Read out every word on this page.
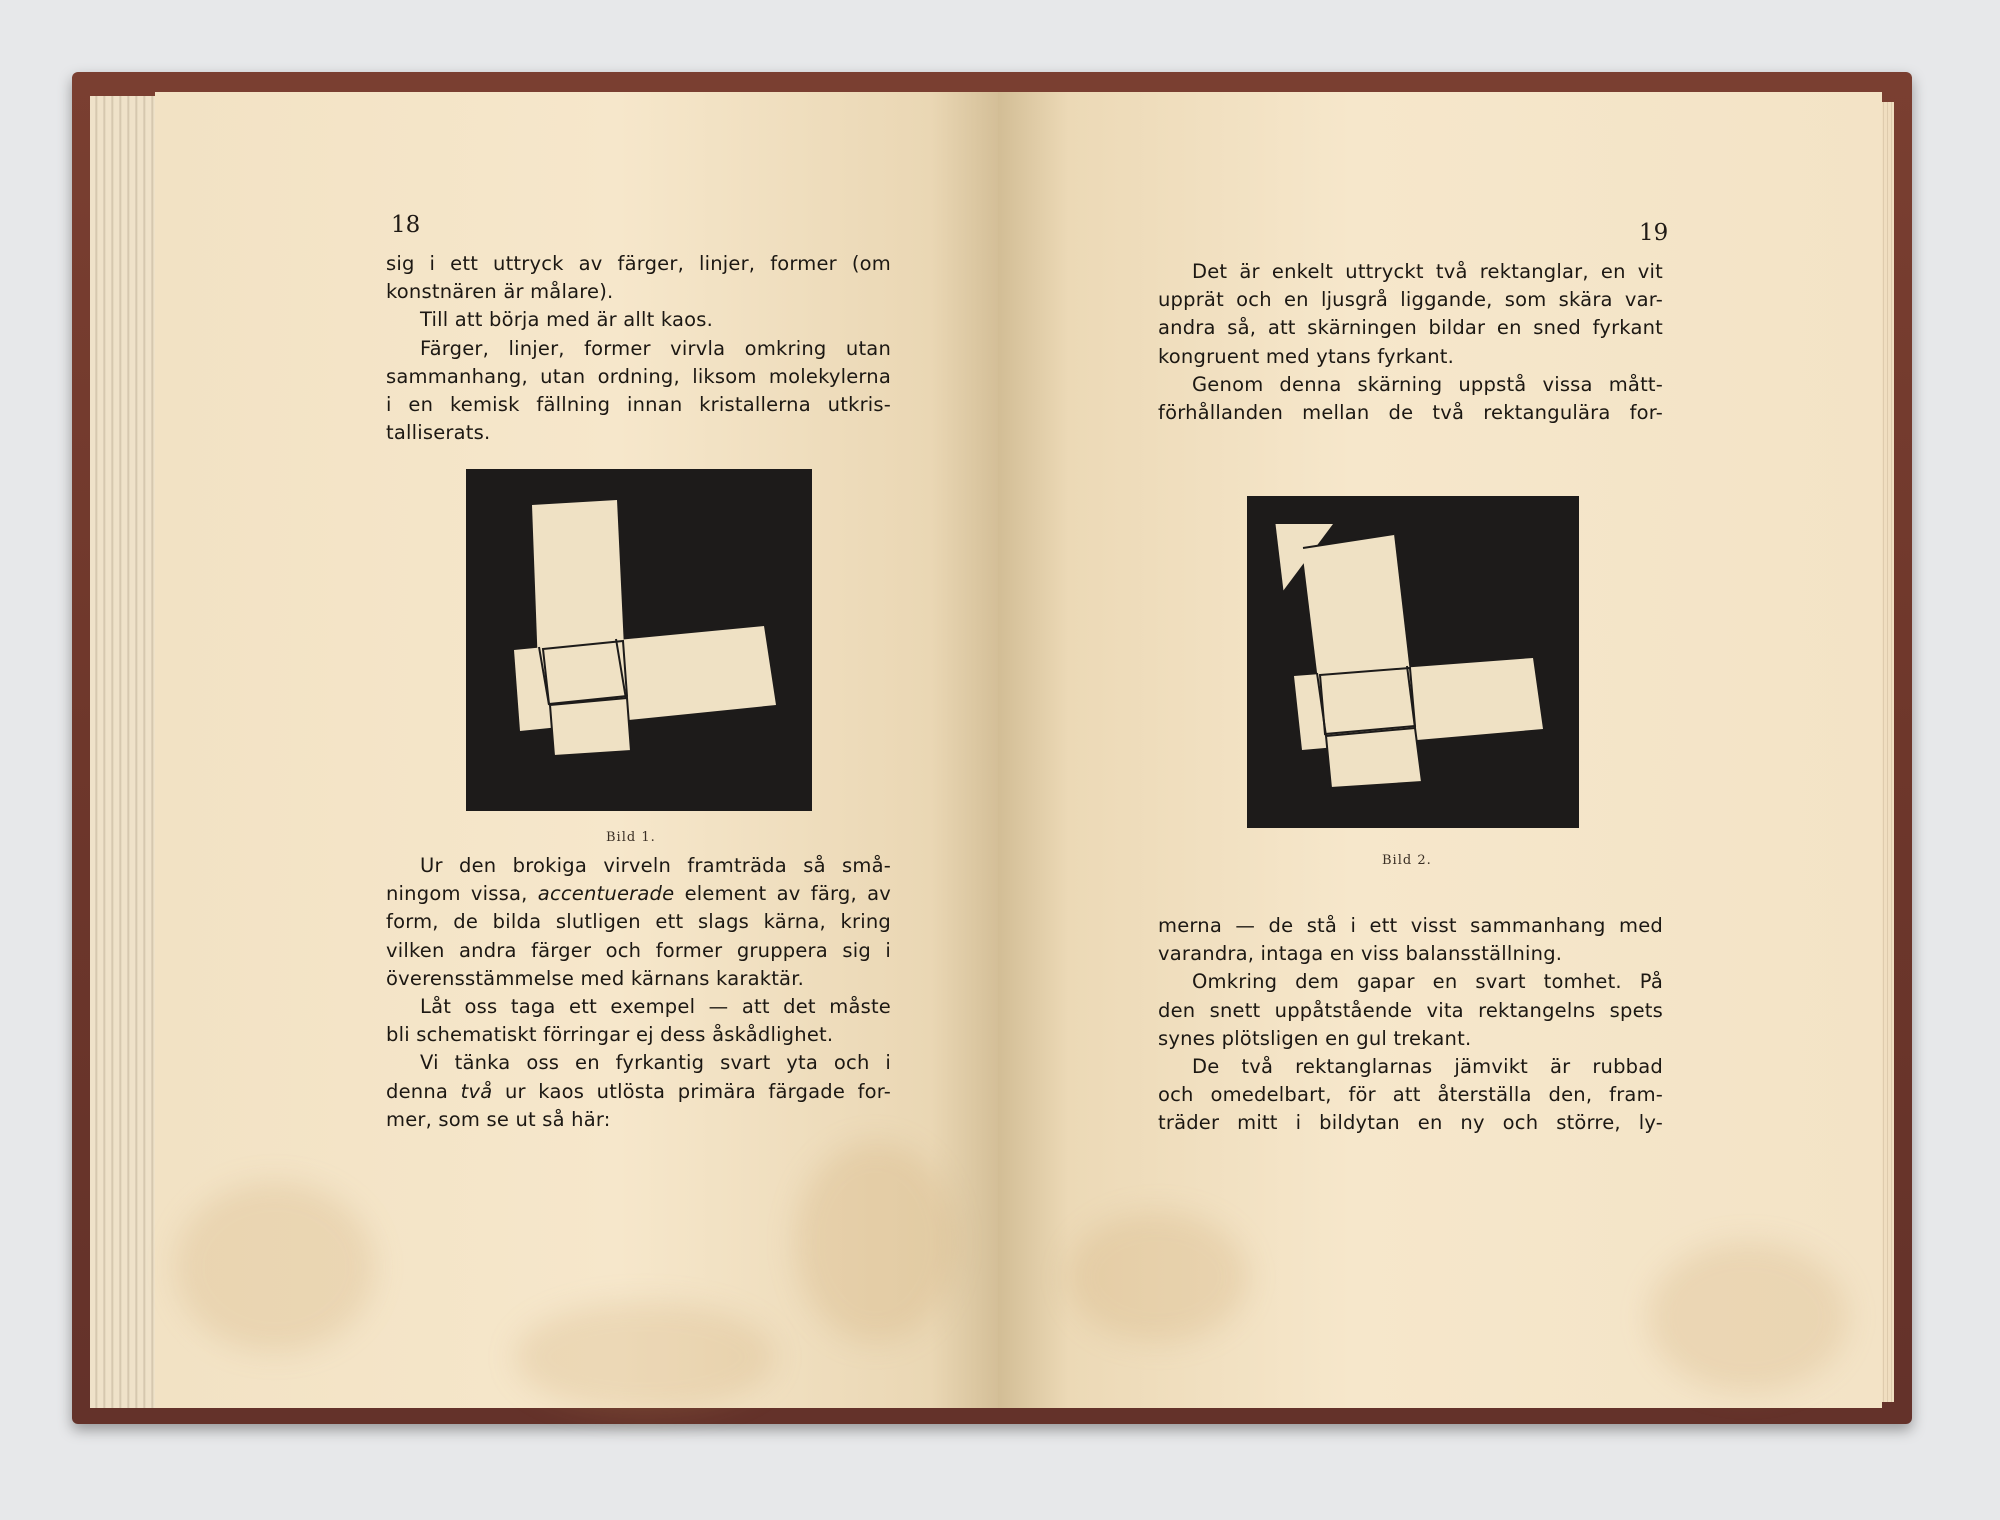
18
sig i ett uttryck av färger, linjer, former (om
konstnären är målare).
Till att börja med är allt kaos.
Färger, linjer, former virvla omkring utan
sammanhang, utan ordning, liksom molekylerna
i en kemisk fällning innan kristallerna utkris-
talliserats.
Bild 1.
Ur den brokiga virveln framträda så små-
ningom vissa, accentuerade element av färg, av
form, de bilda slutligen ett slags kärna, kring
vilken andra färger och former gruppera sig i
överensstämmelse med kärnans karaktär.
Låt oss taga ett exempel — att det måste
bli schematiskt förringar ej dess åskådlighet.
Vi tänka oss en fyrkantig svart yta och i
denna två ur kaos utlösta primära färgade for-
mer, som se ut så här:
19
Det är enkelt uttryckt två rektanglar, en vit
upprät och en ljusgrå liggande, som skära var-
andra så, att skärningen bildar en sned fyrkant
kongruent med ytans fyrkant.
Genom denna skärning uppstå vissa mått-
förhållanden mellan de två rektangulära for-
Bild 2.
merna — de stå i ett visst sammanhang med
varandra, intaga en viss balansställning.
Omkring dem gapar en svart tomhet. På
den snett uppåtstående vita rektangelns spets
synes plötsligen en gul trekant.
De två rektanglarnas jämvikt är rubbad
och omedelbart, för att återställa den, fram-
träder mitt i bildytan en ny och större, ly-
